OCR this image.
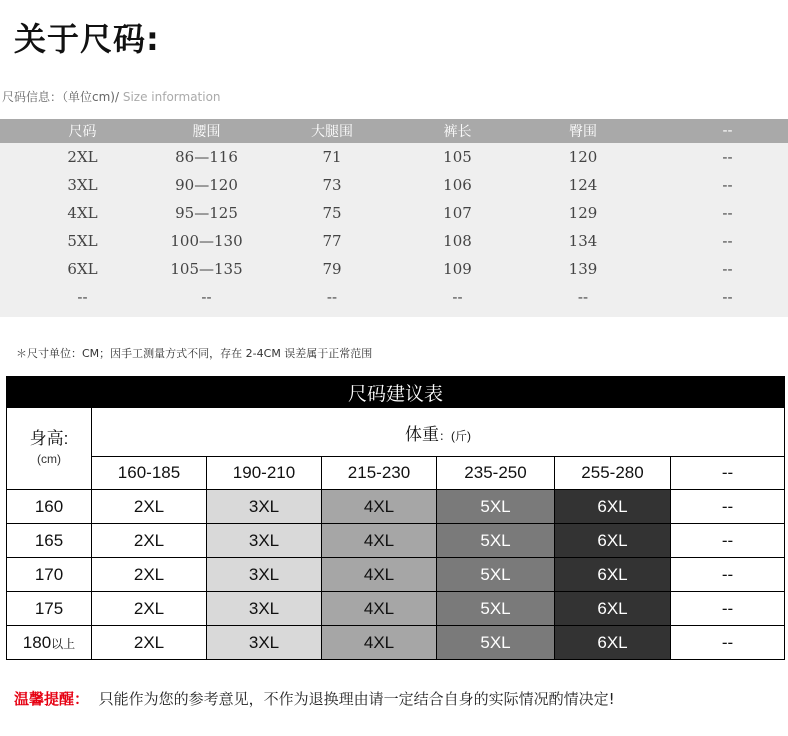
关于尺码:
尺码信息：（单位cm)/ Size information
尺码	腰围	大腿围	裤长	臀围	--
2XL	86—116	71	105	120	--
3XL	90—120	73	106	124	--
4XL	95—125	75	107	129	--
5XL	100—130	77	108	134	--
6XL	105—135	79	109	139	--
--	--	--	--	--	--
＊尺寸单位：CM；因手工测量方式不同，存在 2-4CM 误差属于正常范围
尺码建议表						

身高:
(cm)	体重：(斤)					
	160-185	190-210	215-230	235-250	255-280	--
160	2XL	3XL	4XL	5XL	6XL	--
165	2XL	3XL	4XL	5XL	6XL	--
170	2XL	3XL	4XL	5XL	6XL	--
175	2XL	3XL	4XL	5XL	6XL	--
180以上	2XL	3XL	4XL	5XL	6XL	--
温馨提醒： 只能作为您的参考意见，不作为退换理由请一定结合自身的实际情况酌情决定!
